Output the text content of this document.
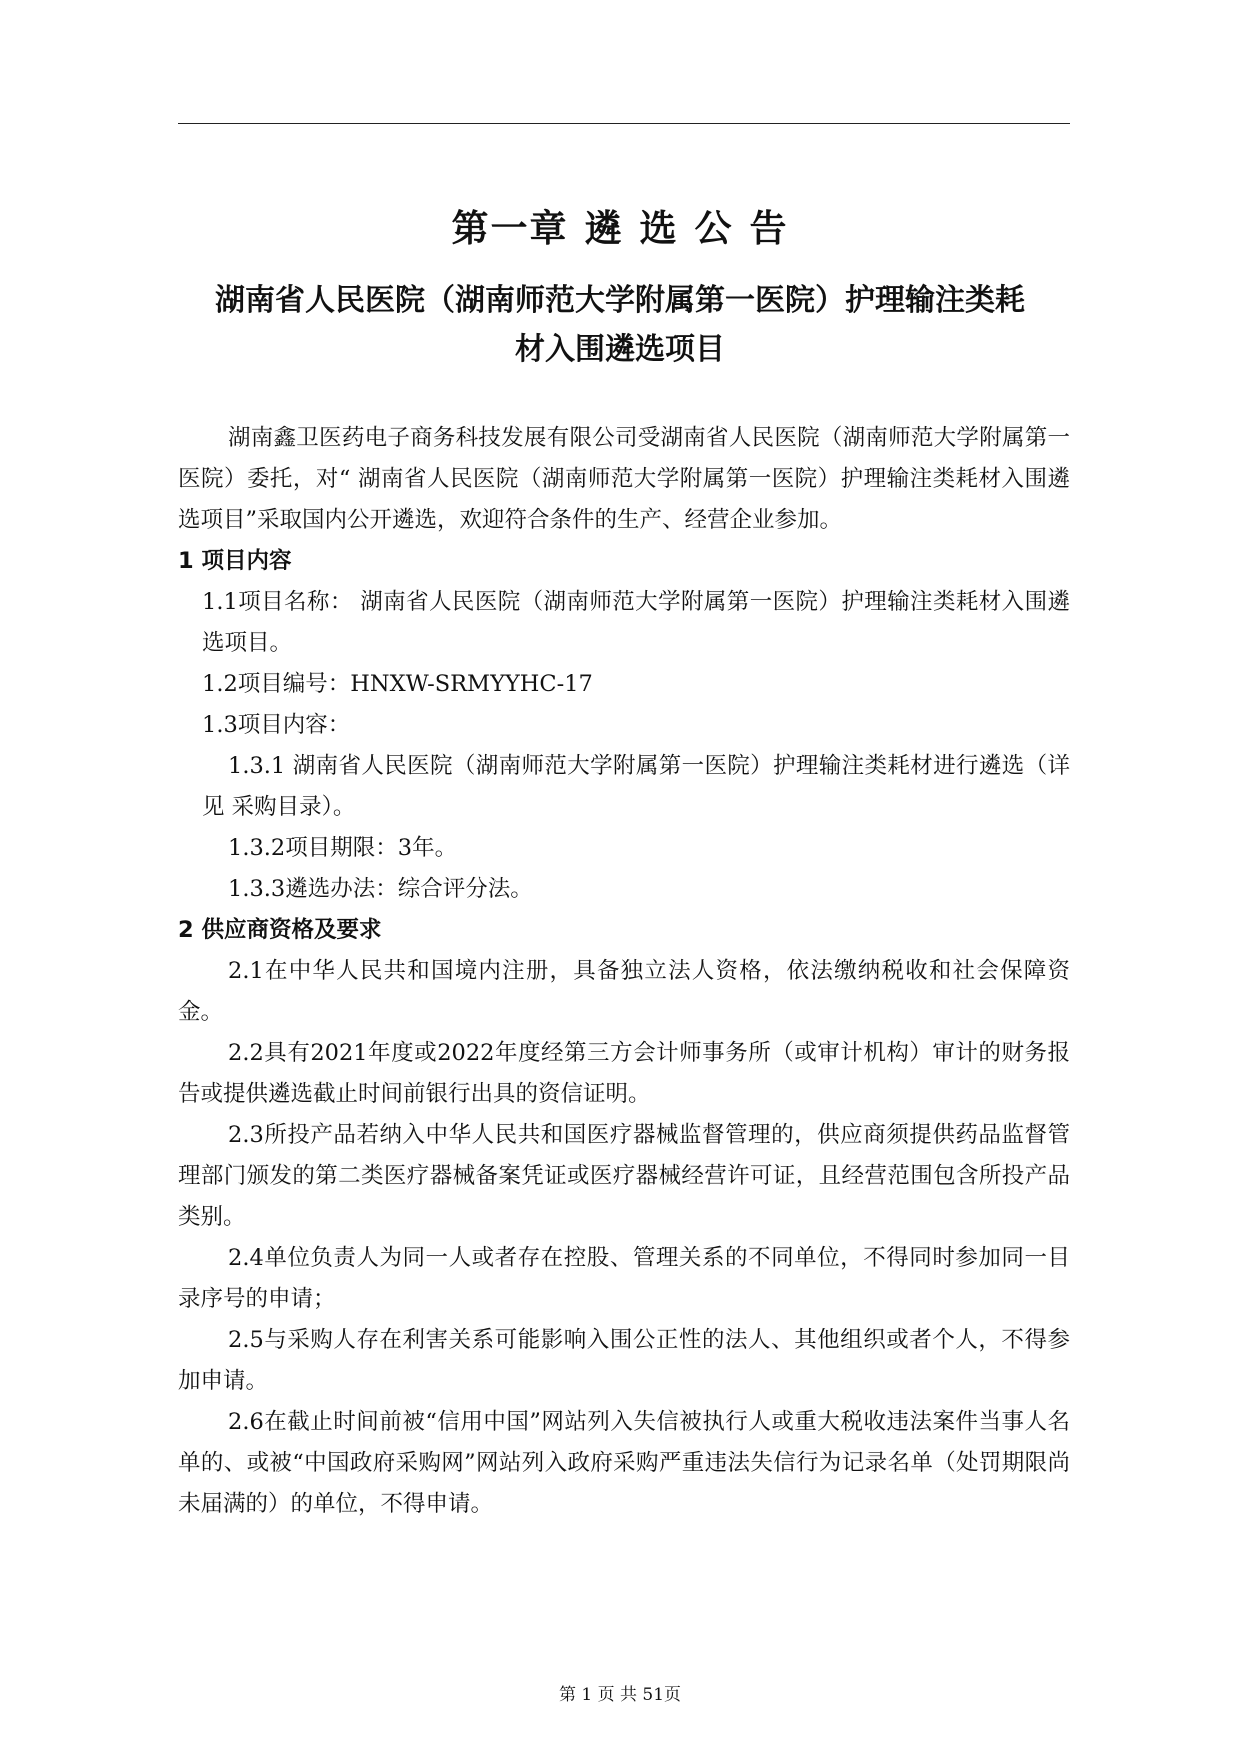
第一章 遴 选 公 告
湖南省人民医院（湖南师范大学附属第一医院）护理输注类耗
材入围遴选项目

湖南鑫卫医药电子商务科技发展有限公司受湖南省人民医院（湖南师范大学附属第一医院）委托，对“ 湖南省人民医院（湖南师范大学附属第一医院）护理输注类耗材入围遴选项目”采取国内公开遴选，欢迎符合条件的生产、经营企业参加。

1 项目内容

1.1项目名称： 湖南省人民医院（湖南师范大学附属第一医院）护理输注类耗材入围遴选项目。

1.2项目编号：HNXW-SRMYYHC-17

1.3项目内容：

1.3.1 湖南省人民医院（湖南师范大学附属第一医院）护理输注类耗材进行遴选（详见 采购目录）。

1.3.2项目期限：3年。

1.3.3遴选办法：综合评分法。

2 供应商资格及要求

2.1在中华人民共和国境内注册，具备独立法人资格，依法缴纳税收和社会保障资金。

2.2具有2021年度或2022年度经第三方会计师事务所（或审计机构）审计的财务报告或提供遴选截止时间前银行出具的资信证明。

2.3所投产品若纳入中华人民共和国医疗器械监督管理的，供应商须提供药品监督管理部门颁发的第二类医疗器械备案凭证或医疗器械经营许可证，且经营范围包含所投产品类别。

2.4单位负责人为同一人或者存在控股、管理关系的不同单位，不得同时参加同一目录序号的申请；

2.5与采购人存在利害关系可能影响入围公正性的法人、其他组织或者个人，不得参加申请。

2.6在截止时间前被“信用中国”网站列入失信被执行人或重大税收违法案件当事人名单的、或被“中国政府采购网”网站列入政府采购严重违法失信行为记录名单（处罚期限尚未届满的）的单位，不得申请。

第 1 页 共 51页
